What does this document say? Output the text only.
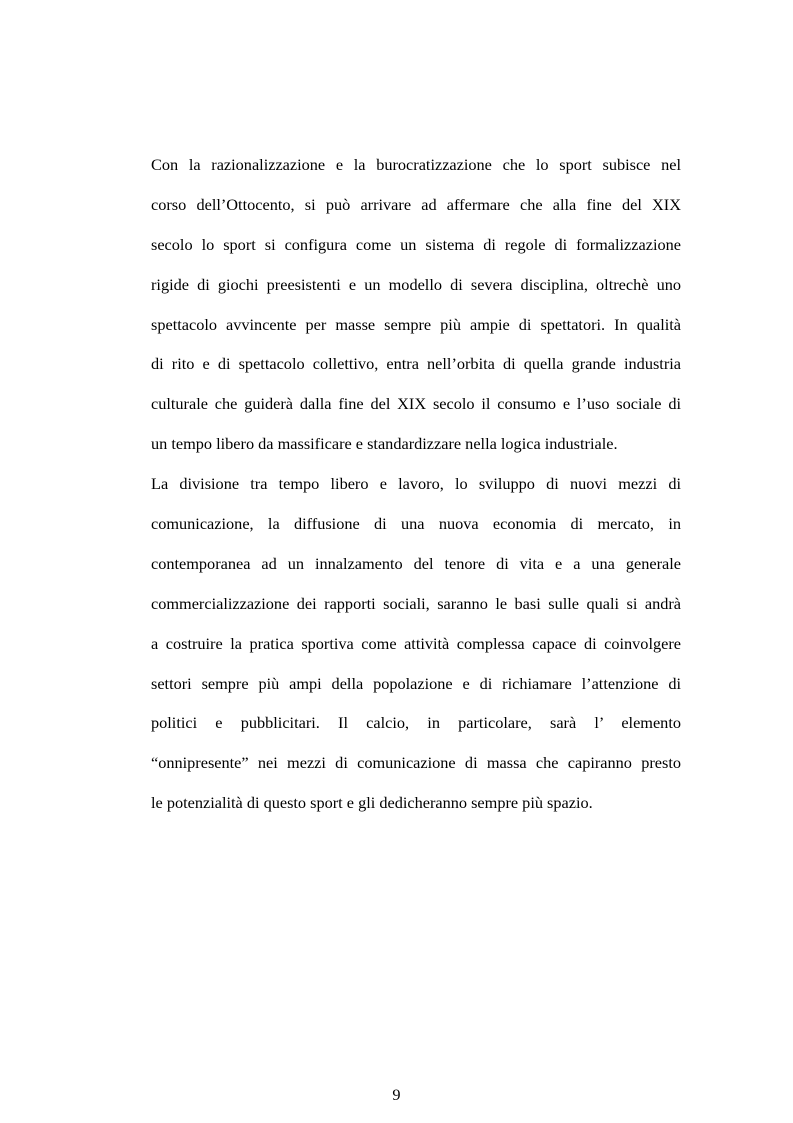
Con la razionalizzazione e la burocratizzazione che lo sport subisce nel
corso dell’Ottocento, si può arrivare ad affermare che alla fine del XIX
secolo lo sport si configura come un sistema di regole di formalizzazione
rigide di giochi preesistenti e un modello di severa disciplina, oltrechè uno
spettacolo avvincente per masse sempre più ampie di spettatori. In qualità
di rito e di spettacolo collettivo, entra nell’orbita di quella grande industria
culturale che guiderà dalla fine del XIX secolo il consumo e l’uso sociale di
un tempo libero da massificare e standardizzare nella logica industriale.
La divisione tra tempo libero e lavoro, lo sviluppo di nuovi mezzi di
comunicazione, la diffusione di una nuova economia di mercato, in
contemporanea ad un innalzamento del tenore di vita e a una generale
commercializzazione dei rapporti sociali, saranno le basi sulle quali si andrà
a costruire la pratica sportiva come attività complessa capace di coinvolgere
settori sempre più ampi della popolazione e di richiamare l’attenzione di
politici e pubblicitari. Il calcio, in particolare, sarà l’ elemento
“onnipresente” nei mezzi di comunicazione di massa che capiranno presto
le potenzialità di questo sport e gli dedicheranno sempre più spazio.
9
